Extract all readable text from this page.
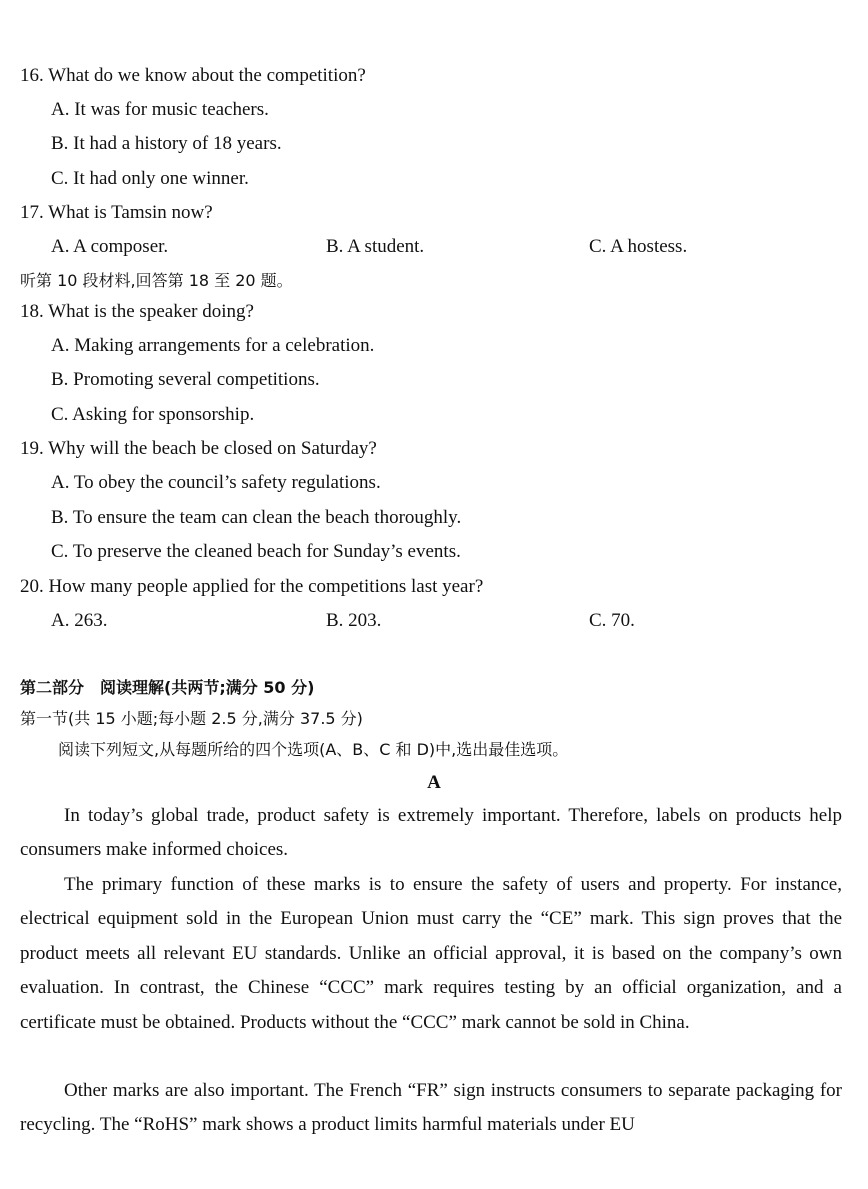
16. What do we know about the competition?
A. It was for music teachers.
B. It had a history of 18 years.
C. It had only one winner.
17. What is Tamsin now?
A. A composer.	B. A student.	C. A hostess.
听第 10 段材料,回答第 18 至 20 题。
18. What is the speaker doing?
A. Making arrangements for a celebration.
B. Promoting several competitions.
C. Asking for sponsorship.
19. Why will the beach be closed on Saturday?
A. To obey the council’s safety regulations.
B. To ensure the team can clean the beach thoroughly.
C. To preserve the cleaned beach for Sunday’s events.
20. How many people applied for the competitions last year?
A. 263.	B. 203.	C. 70.
第二部分　阅读理解(共两节;满分 50 分)
第一节(共 15 小题;每小题 2.5 分,满分 37.5 分)
阅读下列短文,从每题所给的四个选项(A、B、C 和 D)中,选出最佳选项。
A
In today’s global trade, product safety is extremely important. Therefore, labels on products help consumers make informed choices.
The primary function of these marks is to ensure the safety of users and property. For instance, electrical equipment sold in the European Union must carry the “CE” mark. This sign proves that the product meets all relevant EU standards. Unlike an official approval, it is based on the company’s own evaluation. In contrast, the Chinese “CCC” mark requires testing by an official organization, and a certificate must be obtained. Products without the “CCC” mark cannot be sold in China.
Other marks are also important. The French “FR” sign instructs consumers to separate packaging for recycling. The “RoHS” mark shows a product limits harmful materials under EU
